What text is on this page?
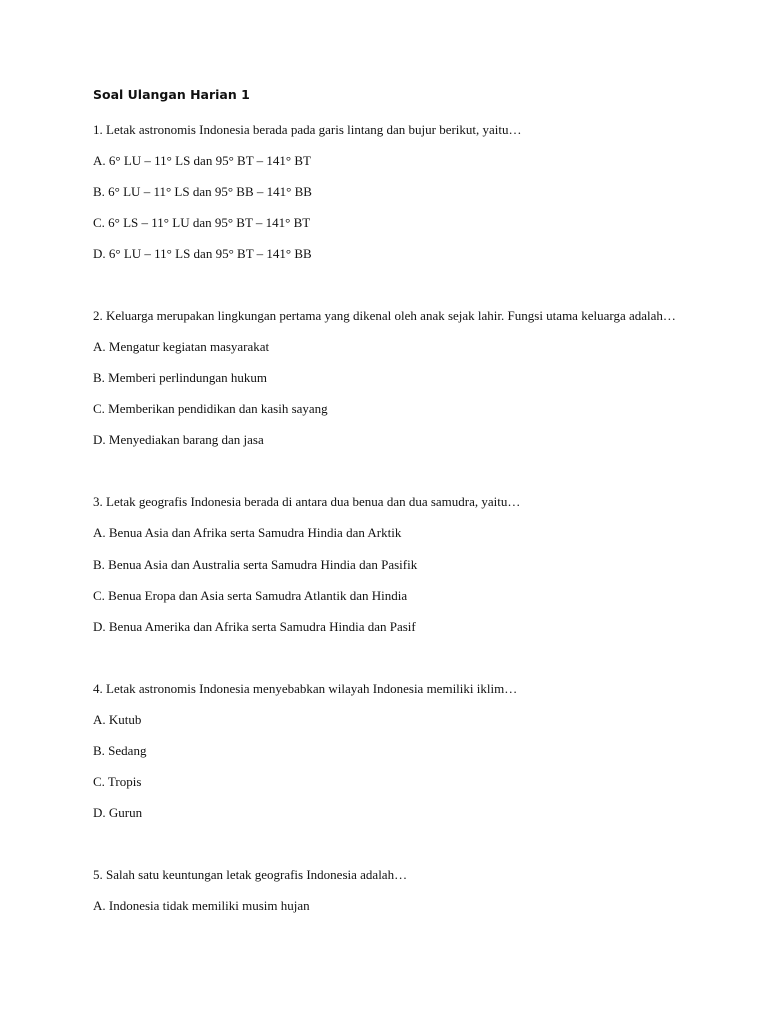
Soal Ulangan Harian 1
1. Letak astronomis Indonesia berada pada garis lintang dan bujur berikut, yaitu…
A. 6° LU – 11° LS dan 95° BT – 141° BT
B. 6° LU – 11° LS dan 95° BB – 141° BB
C. 6° LS – 11° LU dan 95° BT – 141° BT
D. 6° LU – 11° LS dan 95° BT – 141° BB
2. Keluarga merupakan lingkungan pertama yang dikenal oleh anak sejak lahir. Fungsi utama keluarga adalah…
A. Mengatur kegiatan masyarakat
B. Memberi perlindungan hukum
C. Memberikan pendidikan dan kasih sayang
D. Menyediakan barang dan jasa
3. Letak geografis Indonesia berada di antara dua benua dan dua samudra, yaitu…
A. Benua Asia dan Afrika serta Samudra Hindia dan Arktik
B. Benua Asia dan Australia serta Samudra Hindia dan Pasifik
C. Benua Eropa dan Asia serta Samudra Atlantik dan Hindia
D. Benua Amerika dan Afrika serta Samudra Hindia dan Pasif
4. Letak astronomis Indonesia menyebabkan wilayah Indonesia memiliki iklim…
A. Kutub
B. Sedang
C. Tropis
D. Gurun
5. Salah satu keuntungan letak geografis Indonesia adalah…
A. Indonesia tidak memiliki musim hujan
